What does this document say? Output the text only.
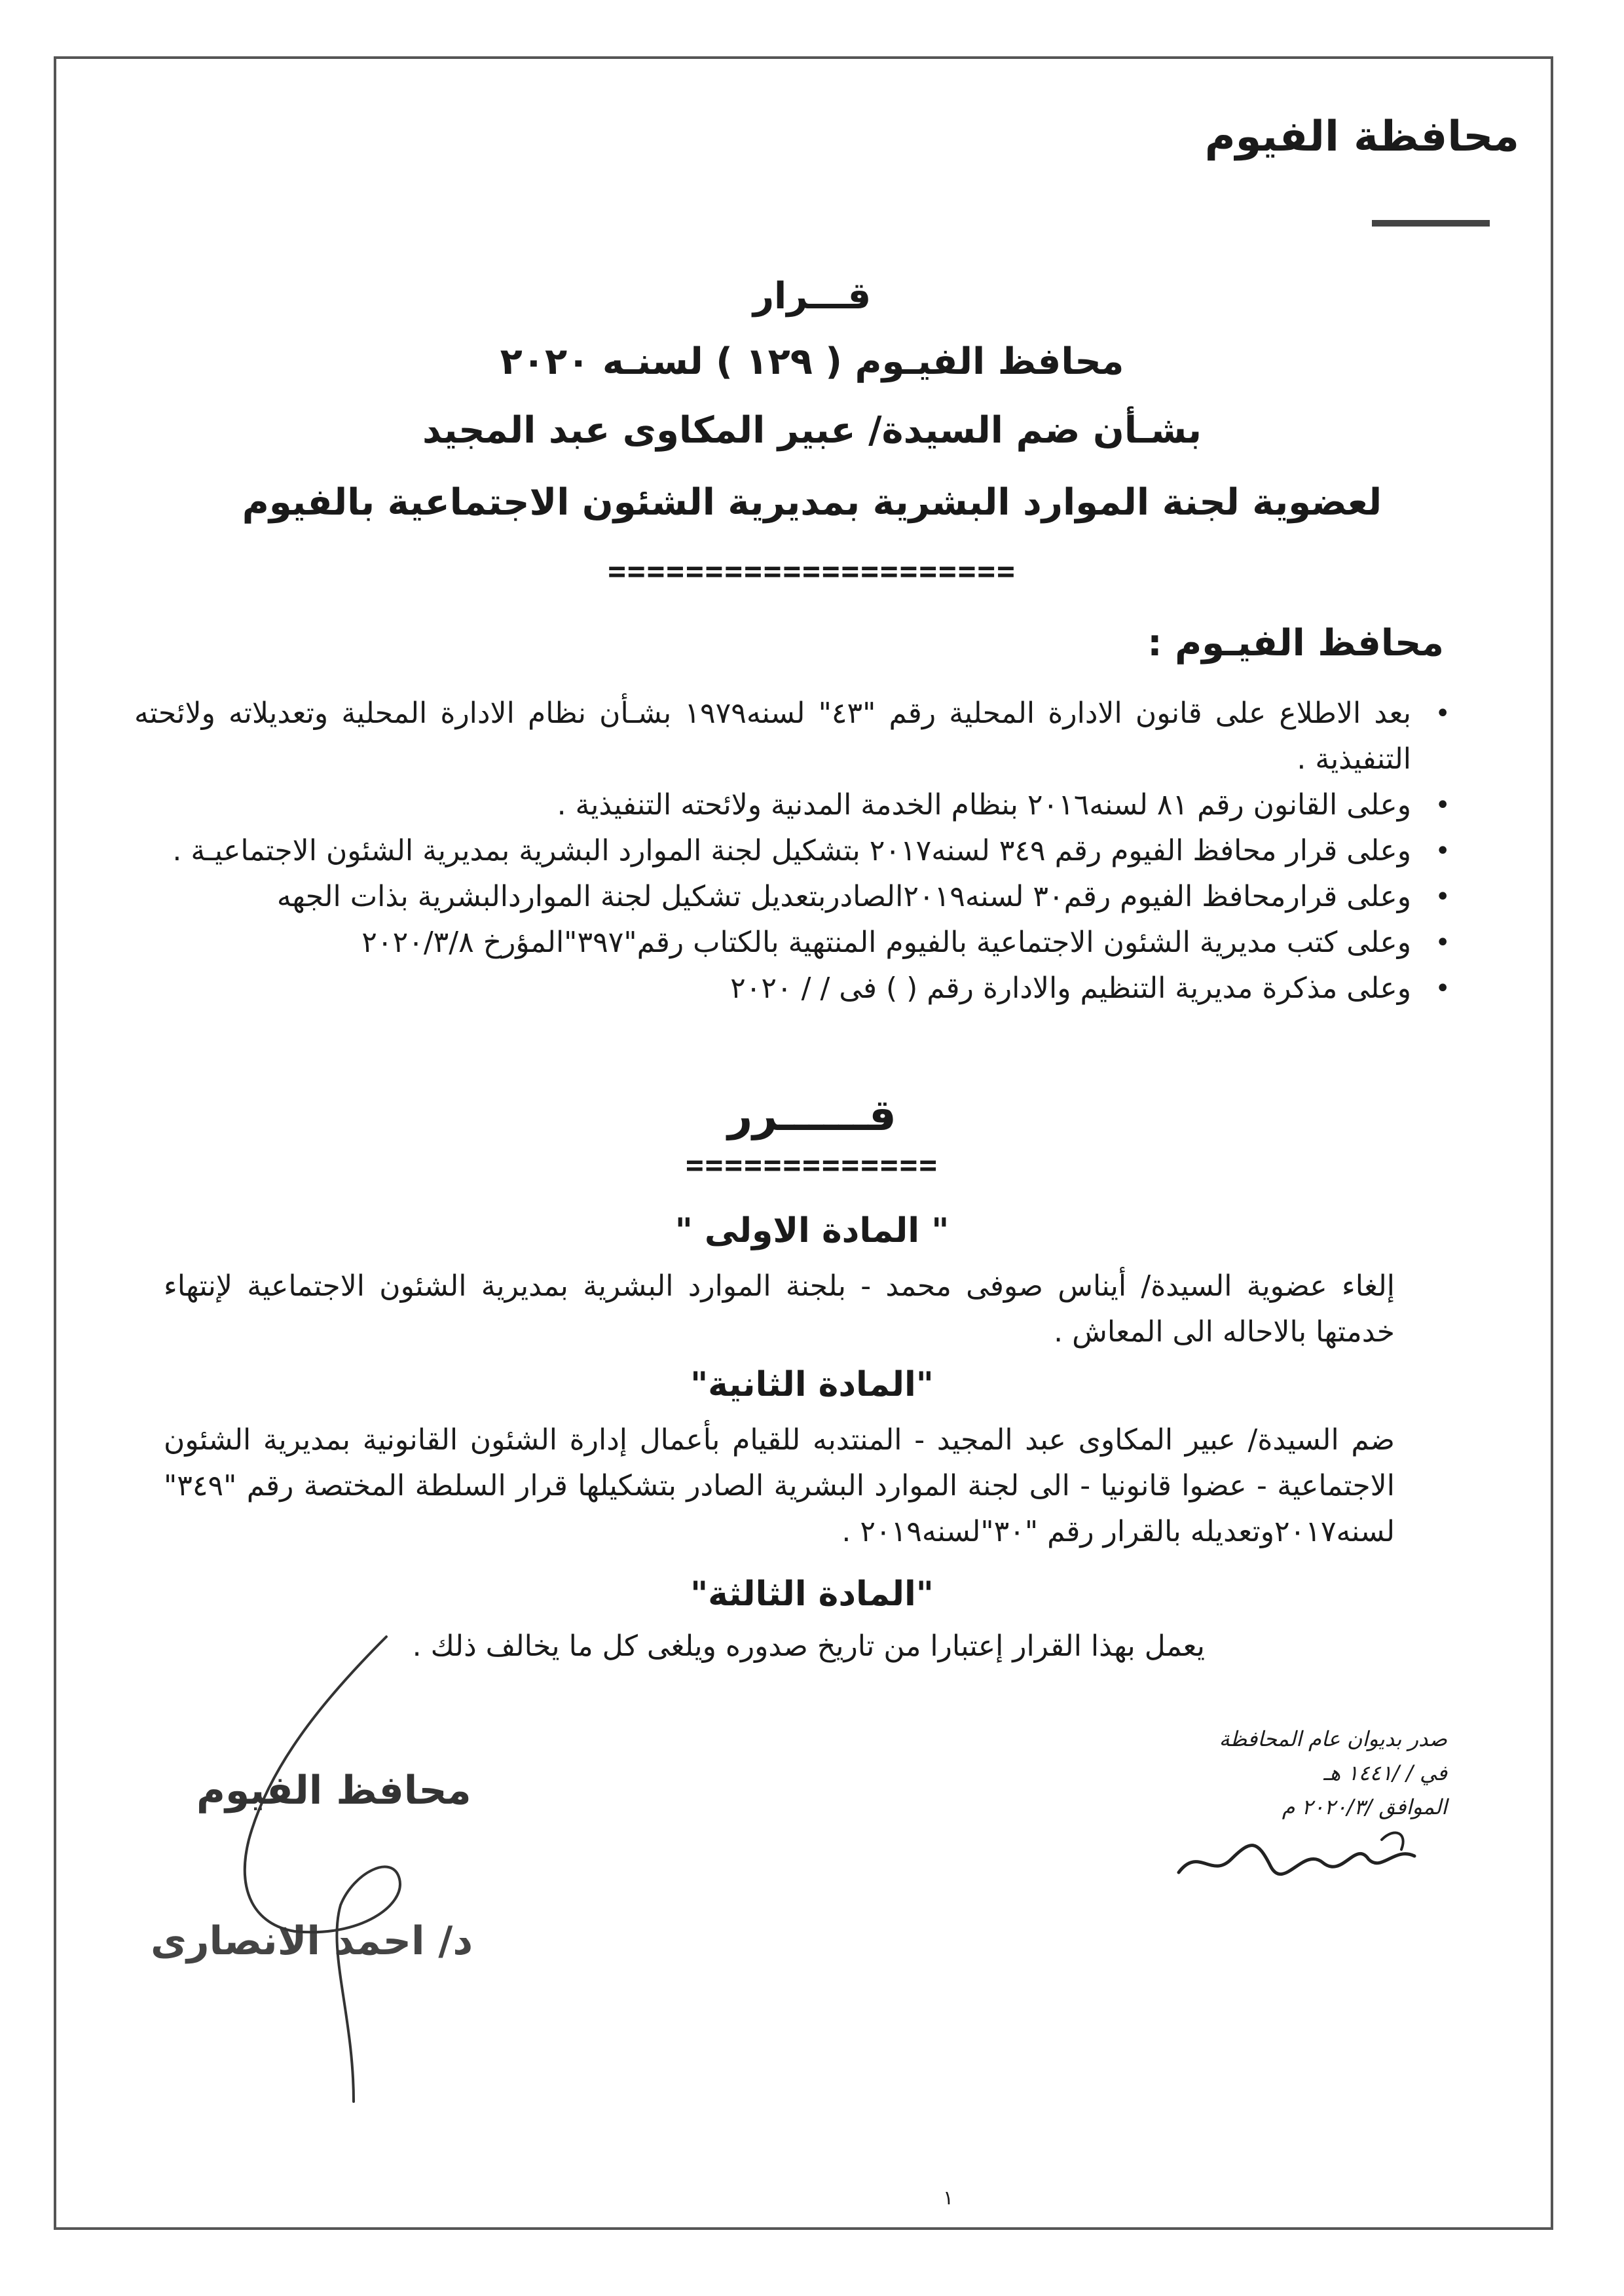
محافظة الفيوم
قـــرار
محافظ الفيـوم ( ١٢٩ ) لسنـه ٢٠٢٠
بشـأن ضم السيدة/ عبير المكاوى عبد المجيد
لعضوية لجنة الموارد البشرية بمديرية الشئون الاجتماعية بالفيوم
=====================
محافظ الفيـوم :
•
بعد الاطلاع على قانون الادارة المحلية رقم "٤٣" لسنه١٩٧٩ بشـأن نظام الادارة المحلية وتعديلاته ولائحته التنفيذية .
•
وعلى القانون رقم ٨١ لسنه٢٠١٦ بنظام الخدمة المدنية ولائحته التنفيذية .
•
وعلى قرار محافظ الفيوم رقم ٣٤٩ لسنه٢٠١٧ بتشكيل لجنة الموارد البشرية بمديرية الشئون الاجتماعيـة .
•
وعلى قرارمحافظ الفيوم رقم٣٠ لسنه٢٠١٩الصادربتعديل تشكيل لجنة المواردالبشرية بذات الجهه
•
وعلى كتب مديرية الشئون الاجتماعية بالفيوم المنتهية بالكتاب رقم"٣٩٧"المؤرخ ٢٠٢٠/٣/٨
•
وعلى مذكرة مديرية التنظيم والادارة رقم ( ) فى / / ٢٠٢٠
قــــــرر
=============
" المادة الاولى "

إلغاء عضوية السيدة/ أيناس صوفى محمد - بلجنة الموارد البشرية بمديرية الشئون الاجتماعية لإنتهاء خدمتها بالاحاله الى المعاش .

"المادة الثانية"

ضم السيدة/ عبير المكاوى عبد المجيد - المنتدبه للقيام بأعمال إدارة الشئون القانونية بمديرية الشئون الاجتماعية - عضوا قانونيا - الى لجنة الموارد البشرية الصادر بتشكيلها قرار السلطة المختصة رقم "٣٤٩" لسنه٢٠١٧وتعديله بالقرار رقم "٣٠"لسنه٢٠١٩ .

"المادة الثالثة"

يعمل بهذا القرار إعتبارا من تاريخ صدوره ويلغى كل ما يخالف ذلك .

صدر بديوان عام المحافظة
في / /١٤٤١ هـ
الموافق /٢٠٢٠/٣ م
محافظ الفيوم
د/ احمد الانصارى
١
